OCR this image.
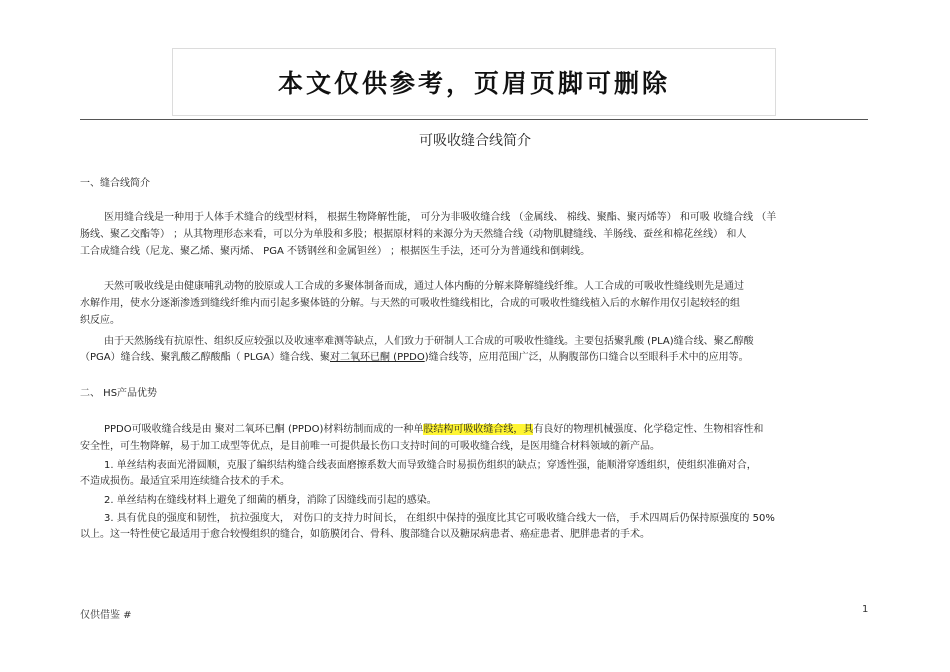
本文仅供参考，页眉页脚可删除
可吸收缝合线简介
一、缝合线简介
医用缝合线是一种用于人体手术缝合的线型材料， 根据生物降解性能， 可分为非吸收缝合线 （金属线、 棉线、聚酯、聚丙烯等） 和可吸 收缝合线 （羊
肠线、聚乙交酯等） ；从其物理形态来看，可以分为单股和多股；根据原材料的来源分为天然缝合线（动物肌腱缝线、羊肠线、蚕丝和棉花丝线） 和人
工合成缝合线（尼龙、聚乙烯、聚丙烯、 PGA 不锈钢丝和金属钽丝） ；根据医生手法，还可分为普通线和倒刺线。
天然可吸收线是由健康哺乳动物的胶原或人工合成的多聚体制备而成，通过人体内酶的分解来降解缝线纤维。人工合成的可吸收性缝线则先是通过
水解作用，使水分逐渐渗透到缝线纤维内而引起多聚体链的分解。与天然的可吸收性缝线相比，合成的可吸收性缝线植入后的水解作用仅引起较轻的组
织反应。
由于天然肠线有抗原性、组织反应较强以及收速率难测等缺点，人们致力于研制人工合成的可吸收性缝线。主要包括聚乳酸 (PLA)缝合线、聚乙醇酸
（PGA）缝合线、聚乳酸乙醇酸酯（ PLGA）缝合线、聚对二氧环已酮 (PPDO)缝合线等，应用范围广泛，从胸腹部伤口缝合以至眼科手术中的应用等。
二、 HS产品优势
PPDO可吸收缝合线是由 聚对二氧环已酮 (PPDO)材料纺制而成的一种单股结构可吸收缝合线，具有良好的物理机械强度、化学稳定性、生物相容性和
安全性，可生物降解，易于加工成型等优点，是目前唯一可提供最长伤口支持时间的可吸收缝合线，是医用缝合材料领域的新产品。
1. 单丝结构表面光滑圆顺，克服了编织结构缝合线表面磨擦系数大而导致缝合时易损伤组织的缺点；穿透性强，能顺滑穿透组织，使组织准确对合，
不造成损伤。最适宜采用连续缝合技术的手术。
2. 单丝结构在缝线材料上避免了细菌的栖身，消除了因缝线而引起的感染。
3. 具有优良的强度和韧性， 抗拉强度大， 对伤口的支持力时间长， 在组织中保持的强度比其它可吸收缝合线大一倍， 手术四周后仍保持原强度的 50%
以上。这一特性使它最适用于愈合较慢组织的缝合，如筋膜闭合、骨科、腹部缝合以及糖尿病患者、癌症患者、肥胖患者的手术。
仅供借鉴 #
1
